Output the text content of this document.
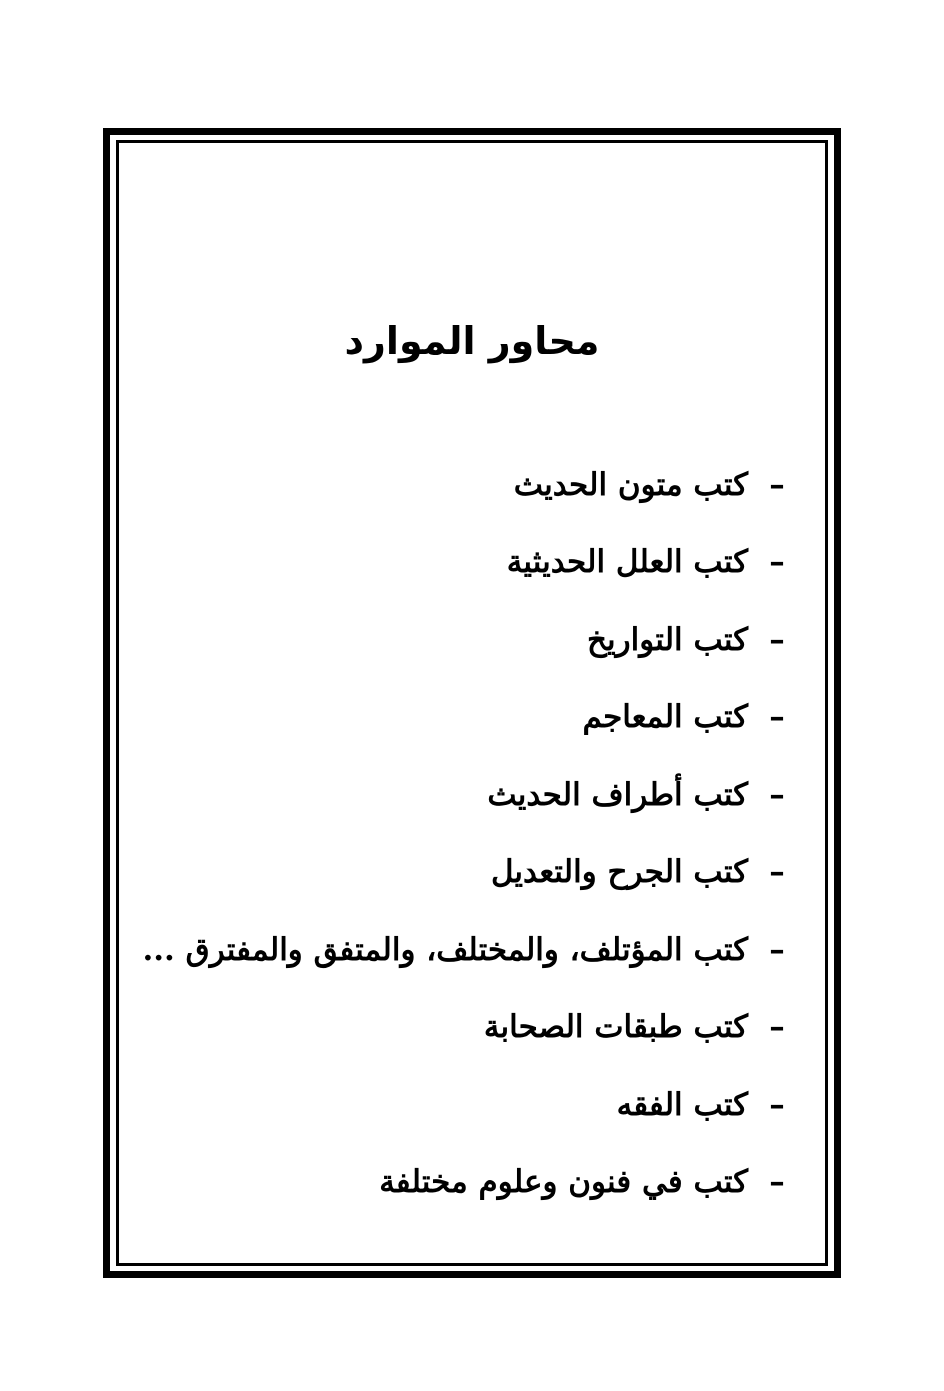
محاور الموارد
–
كتب متون الحديث
–
كتب العلل الحديثية
–
كتب التواريخ
–
كتب المعاجم
–
كتب أطراف الحديث
–
كتب الجرح والتعديل
–
كتب المؤتلف، والمختلف، والمتفق والمفترق ...
–
كتب طبقات الصحابة
–
كتب الفقه
–
كتب في فنون وعلوم مختلفة
